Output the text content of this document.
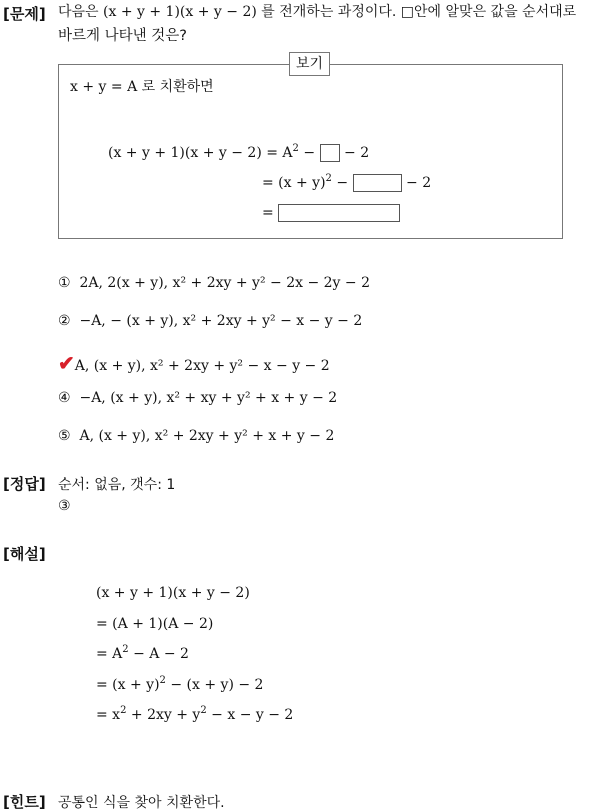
[문제] 다음은 (x + y + 1)(x + y − 2) 를 전개하는 과정이다. □안에 알맞은 값을 순서대로
바르게 나타낸 것은?
보기
x + y = A 로 치환하면
$(x + y + 1)(x + y - 2) = A^2$ −  − 2
= $(x + y)^2$ −	− 2
=
① 2A, 2(x + y), x² + 2xy + y² − 2x − 2y − 2
② −A, − (x + y), x² + 2xy + y² − x − y − 2
✔A, (x + y), x² + 2xy + y² − x − y − 2
④ −A, (x + y), x² + xy + y² + x + y − 2
⑤ A, (x + y), x² + 2xy + y² + x + y − 2
[정답] 순서: 없음, 갯수: 1
③
[해설]
(x + y + 1)(x + y − 2)
= (A + 1)(A − 2)
= $A^2 - A - 2$
= $(x + y)^2 - (x + y) - 2$
= $x^2 + 2xy + y^2 - x - y - 2$
[힌트] 공통인 식을 찾아 치환한다.
